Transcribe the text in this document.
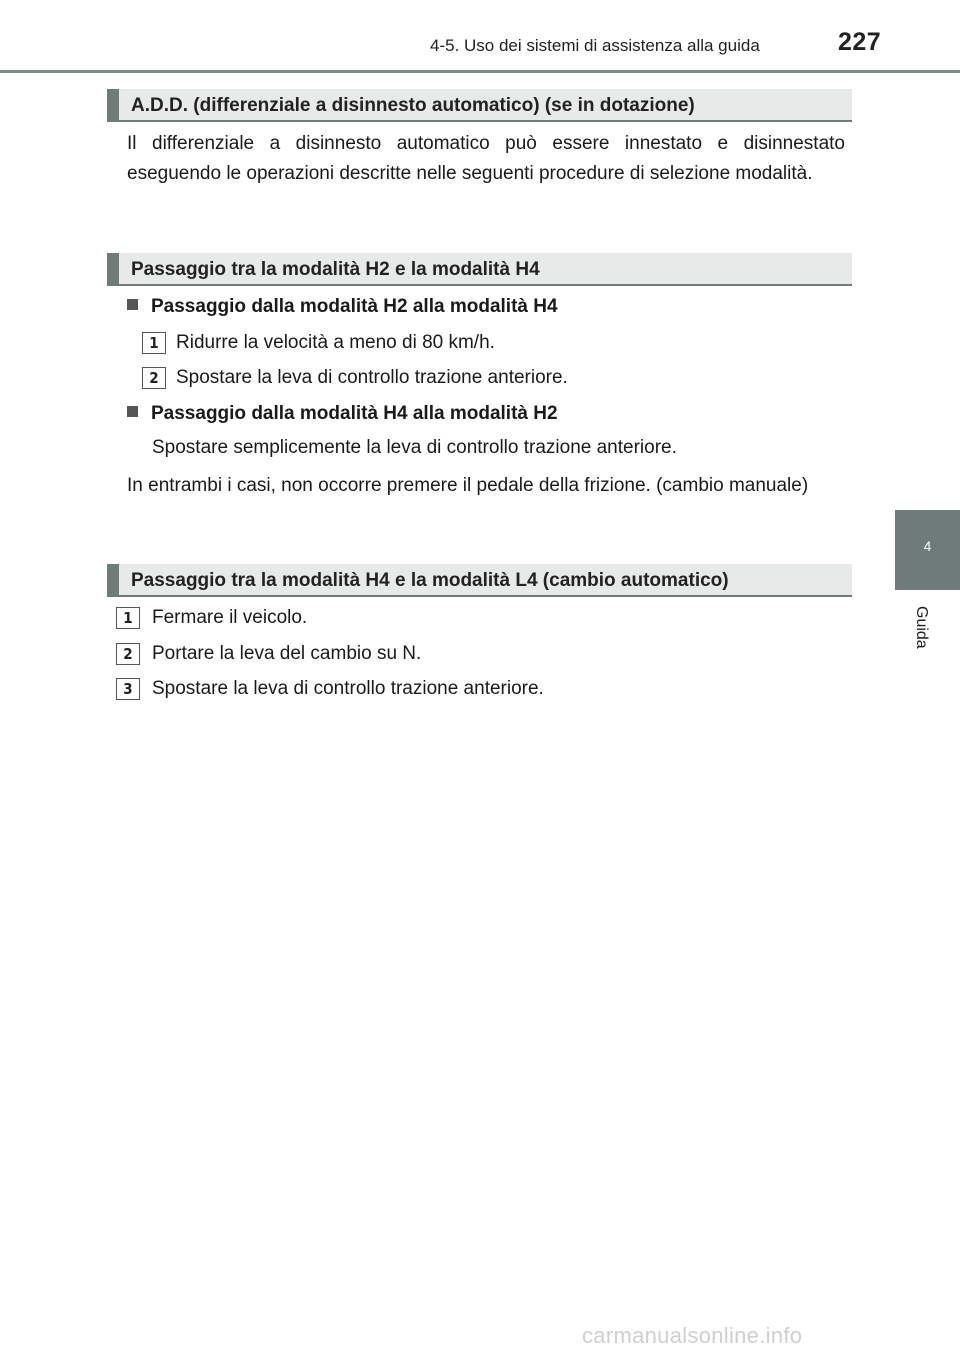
4-5. Uso dei sistemi di assistenza alla guida	227
4
Guida
A.D.D. (differenziale a disinnesto automatico) (se in dotazione)
Il differenziale a disinnesto automatico può essere innestato e disinnestato eseguendo le operazioni descritte nelle seguenti procedure di selezione modalità.
Passaggio tra la modalità H2 e la modalità H4
Passaggio dalla modalità H2 alla modalità H4
1 Ridurre la velocità a meno di 80 km/h.
2 Spostare la leva di controllo trazione anteriore.
Passaggio dalla modalità H4 alla modalità H2
Spostare semplicemente la leva di controllo trazione anteriore.
In entrambi i casi, non occorre premere il pedale della frizione. (cambio manuale)
Passaggio tra la modalità H4 e la modalità L4 (cambio automatico)
1	Fermare il veicolo.
2	Portare la leva del cambio su N.
3	Spostare la leva di controllo trazione anteriore.
carmanualsonline.info
